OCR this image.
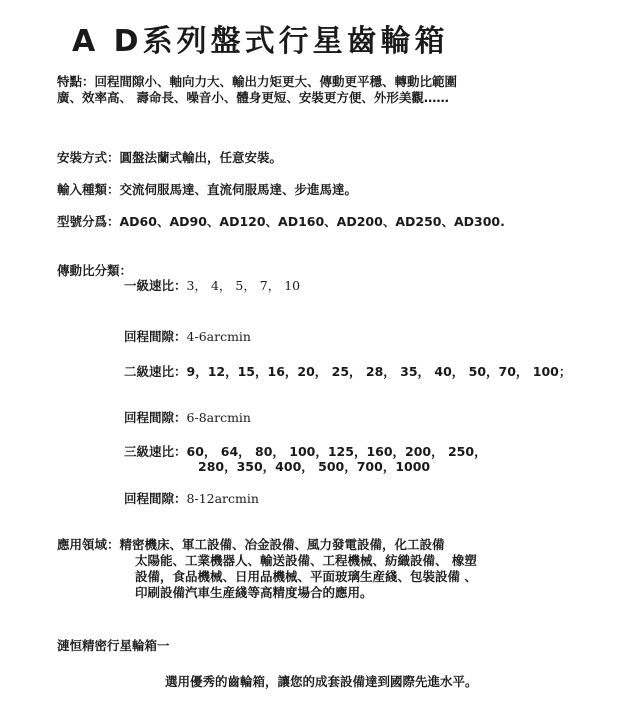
A D系列盤式行星齒輪箱
特點：回程間隙小、軸向力大、輸出力矩更大、傳動更平穩、轉動比範圍
廣、效率高、 壽命長、噪音小、體身更短、安裝更方便、外形美觀……
安裝方式：圓盤法蘭式輸出，任意安裝。
輸入種類：交流伺服馬達、直流伺服馬達、步進馬達。
型號分爲：AD60、AD90、AD120、AD160、AD200、AD250、AD300.
傳動比分類：
一級速比：3， 4， 5， 7， 10
回程間隙：4-6arcmin
二級速比：9，12，15，16，20， 25， 28， 35， 40， 50，70， 100；
回程間隙：6-8arcmin
三級速比：60， 64， 80， 100，125，160，200， 250，
280，350，400， 500，700，1000
回程間隙：8-12arcmin
應用領域：精密機床、軍工設備、冶金設備、風力發電設備，化工設備
太陽能、工業機器人、輸送設備、工程機械、紡織設備、 橡塑
設備，食品機械、日用品機械、平面玻璃生産綫、包裝設備 、
印刷設備汽車生産綫等高精度場合的應用。
漣恒精密行星輪箱一
選用優秀的齒輪箱，讓您的成套設備達到國際先進水平。
